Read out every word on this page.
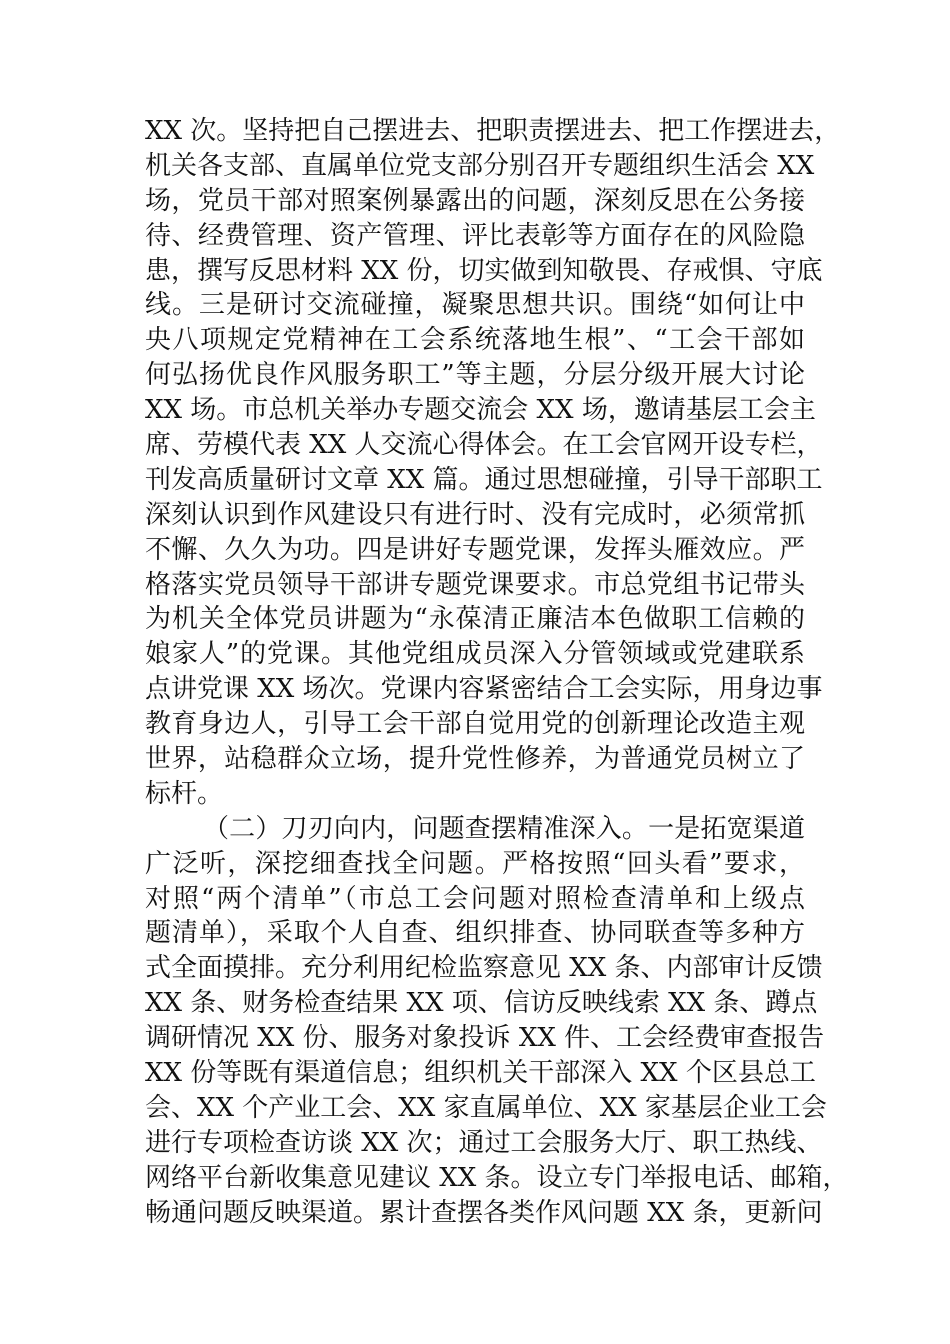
XX 次。坚持把自己摆进去、把职责摆进去、把工作摆进去，
机关各支部、直属单位党支部分别召开专题组织生活会 XX
场，党员干部对照案例暴露出的问题，深刻反思在公务接
待、经费管理、资产管理、评比表彰等方面存在的风险隐
患，撰写反思材料 XX 份，切实做到知敬畏、存戒惧、守底
线。三是研讨交流碰撞，凝聚思想共识。围绕“如何让中
央八项规定党精神在工会系统落地生根”、“工会干部如
何弘扬优良作风服务职工”等主题，分层分级开展大讨论
XX 场。市总机关举办专题交流会 XX 场，邀请基层工会主
席、劳模代表 XX 人交流心得体会。在工会官网开设专栏，
刊发高质量研讨文章 XX 篇。通过思想碰撞，引导干部职工
深刻认识到作风建设只有进行时、没有完成时，必须常抓
不懈、久久为功。四是讲好专题党课，发挥头雁效应。严
格落实党员领导干部讲专题党课要求。市总党组书记带头
为机关全体党员讲题为“永葆清正廉洁本色做职工信赖的
娘家人”的党课。其他党组成员深入分管领域或党建联系
点讲党课 XX 场次。党课内容紧密结合工会实际，用身边事
教育身边人，引导工会干部自觉用党的创新理论改造主观
世界，站稳群众立场，提升党性修养，为普通党员树立了
标杆。
（二）刀刃向内，问题查摆精准深入。一是拓宽渠道
广泛听，深挖细查找全问题。严格按照“回头看”要求，
对照“两个清单”（市总工会问题对照检查清单和上级点
题清单），采取个人自查、组织排查、协同联查等多种方
式全面摸排。充分利用纪检监察意见 XX 条、内部审计反馈
XX 条、财务检查结果 XX 项、信访反映线索 XX 条、蹲点
调研情况 XX 份、服务对象投诉 XX 件、工会经费审查报告
XX 份等既有渠道信息；组织机关干部深入 XX 个区县总工
会、XX 个产业工会、XX 家直属单位、XX 家基层企业工会
进行专项检查访谈 XX 次；通过工会服务大厅、职工热线、
网络平台新收集意见建议 XX 条。设立专门举报电话、邮箱，
畅通问题反映渠道。累计查摆各类作风问题 XX 条，更新问
